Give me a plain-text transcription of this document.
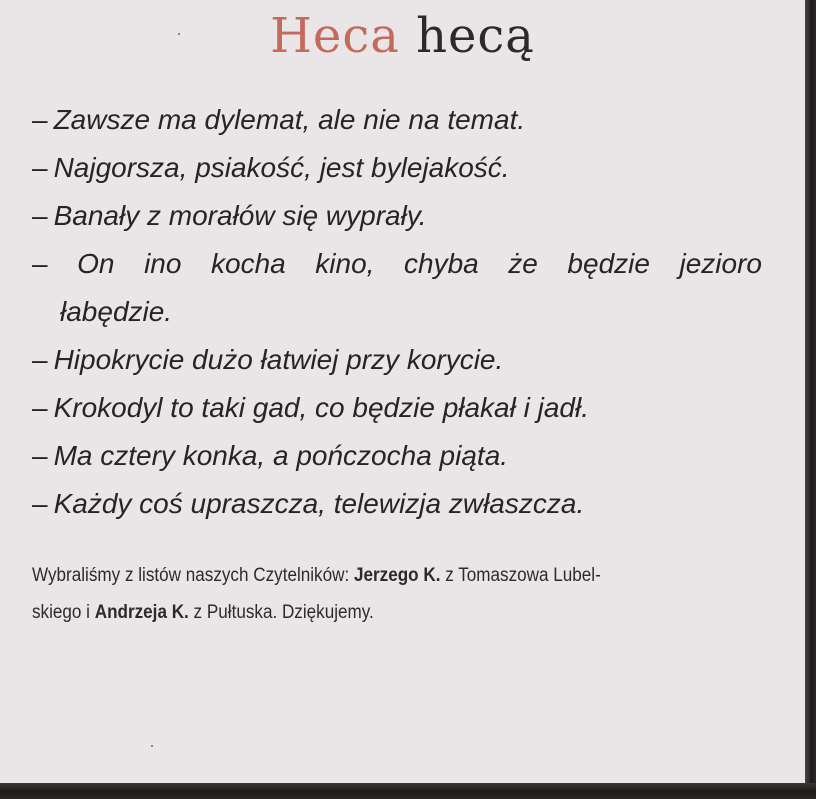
Heca hecą
– Zawsze ma dylemat, ale nie na temat.
– Najgorsza, psiakość, jest bylejakość.
– Banały z morałów się wyprały.
– On ino kocha kino, chyba że będzie jezioro
łabędzie.
– Hipokrycie dużo łatwiej przy korycie.
– Krokodyl to taki gad, co będzie płakał i jadł.
– Ma cztery konka, a pończocha piąta.
– Każdy coś upraszcza, telewizja zwłaszcza.

Wybraliśmy z listów naszych Czytelników: Jerzego K. z Tomaszowa Lubel-
skiego i Andrzeja K. z Pułtuska. Dziękujemy.
